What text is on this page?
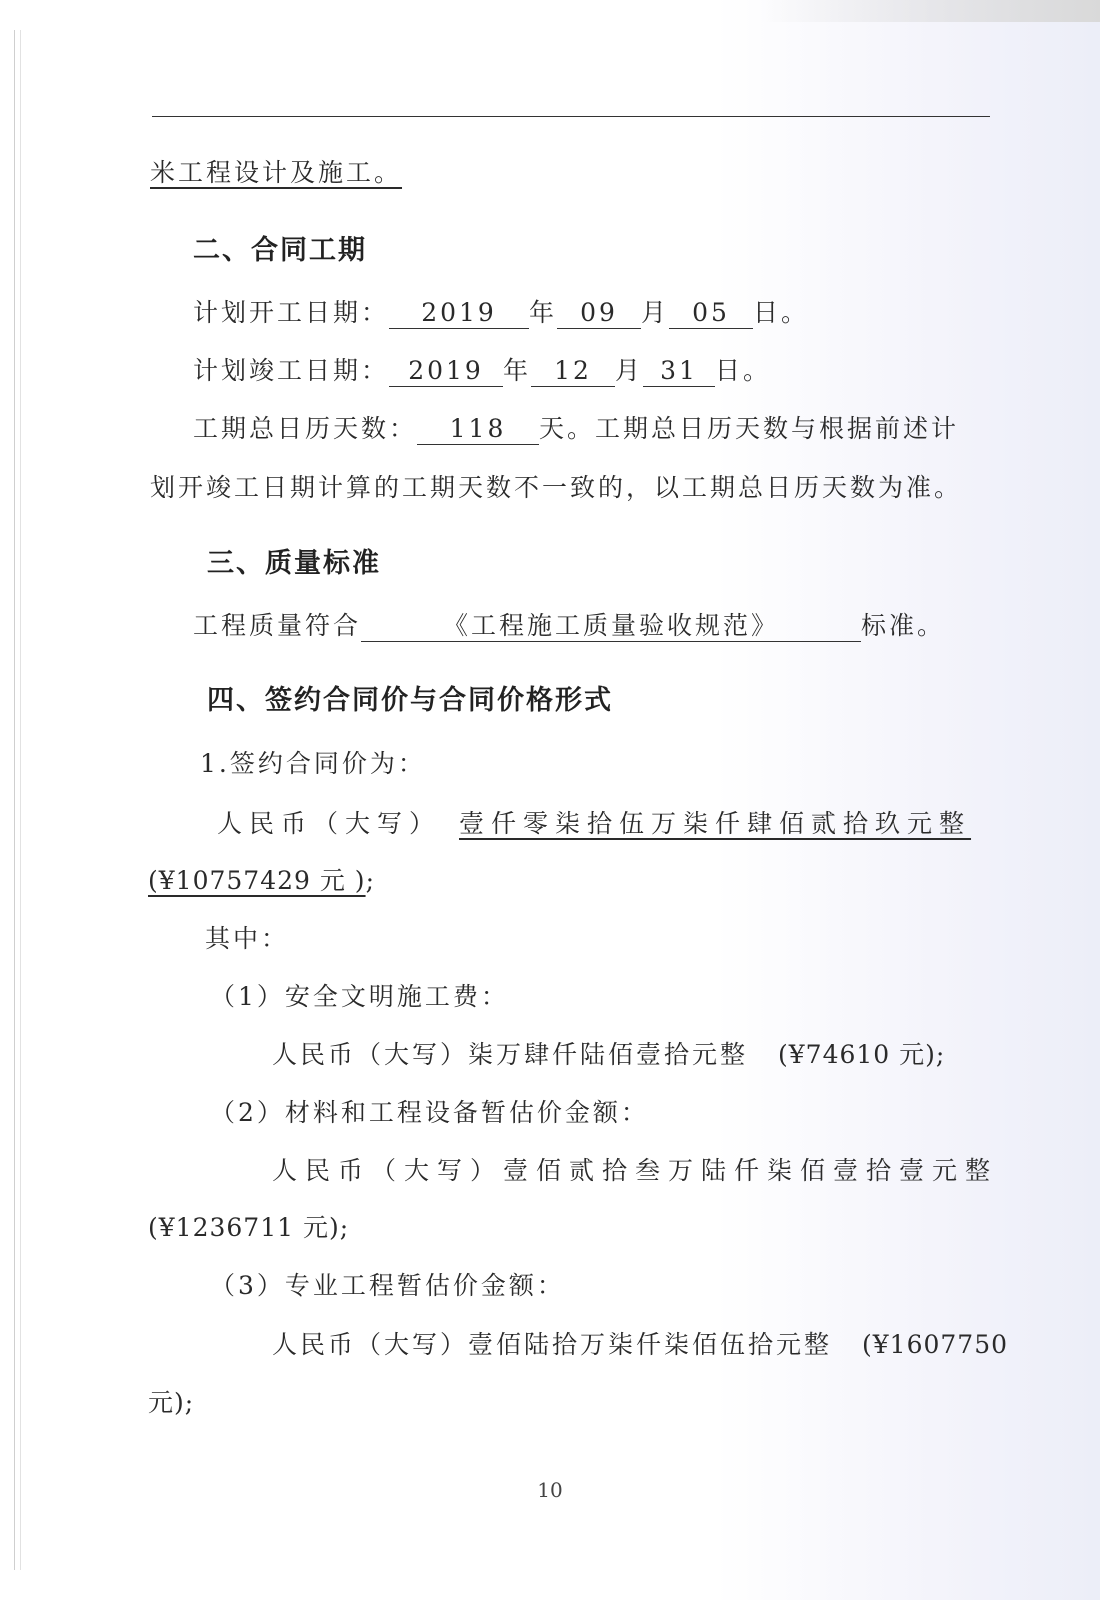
米工程设计及施工。
二、合同工期
计划开工日期： 2019 年 09 月 05 日。
计划竣工日期： 2019 年 12 月 31 日。
工期总日历天数： 118 天。工期总日历天数与根据前述计
划开竣工日期计算的工期天数不一致的，以工期总日历天数为准。
三、质量标准
工程质量符合	《工程施工质量验收规范》	标准。
四、签约合同价与合同价格形式
1.签约合同价为：
人民币（大写） 壹仟零柒拾伍万柒仟肆佰贰拾玖元整
(¥10757429 元 );
其中：
（1）安全文明施工费：
人民币（大写）柒万肆仟陆佰壹拾元整 (¥74610 元);
（2）材料和工程设备暂估价金额：
人民币（大写）壹佰贰拾叁万陆仟柒佰壹拾壹元整
(¥1236711 元);
（3）专业工程暂估价金额：
人民币（大写）壹佰陆拾万柒仟柒佰伍拾元整 (¥1607750
元);
10
